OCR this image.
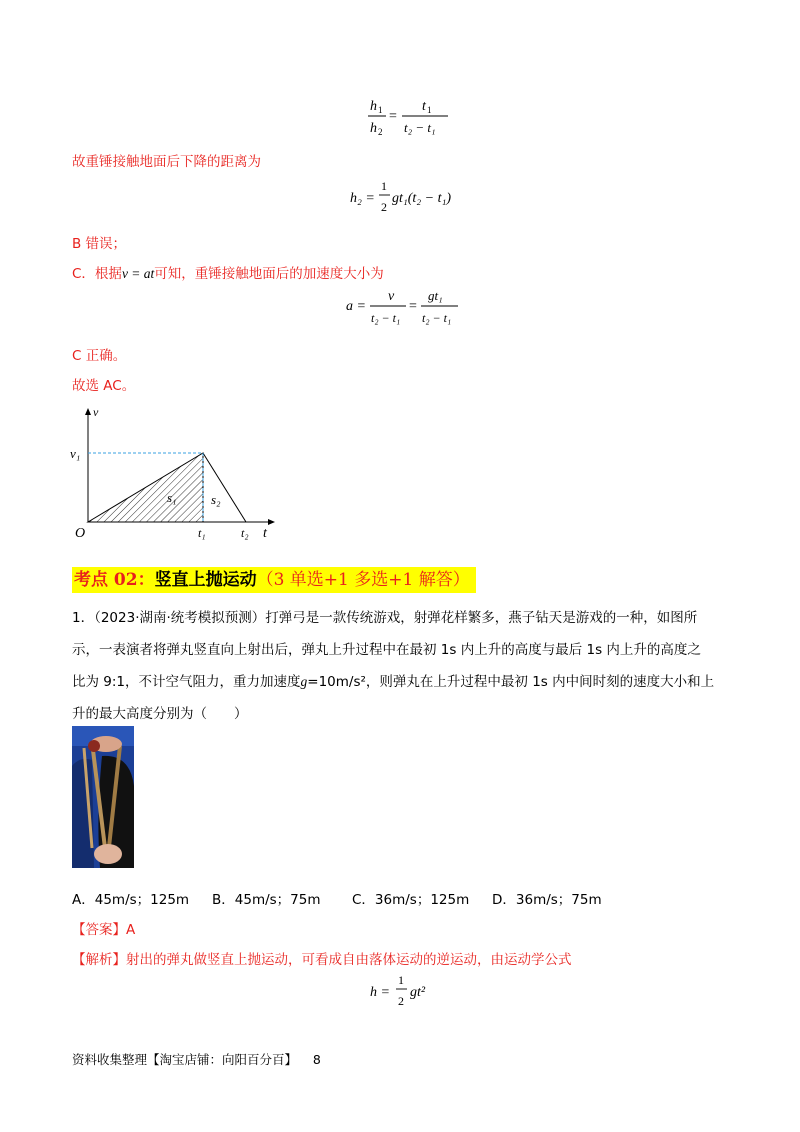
h 1
h 2
=
t 1
t₂ − t₁
故重锤接触地面后下降的距离为
h₂ =
1
2
gt₁(t₂ − t₁)
B 错误；
C．根据v = at可知，重锤接触地面后的加速度大小为
a =
v
t₂ − t₁
=
gt₁
t₂ − t₁
C 正确。
故选 AC。
v
v₁
O	t₁	t₂ t
s₁	s₂
考点 02：竖直上抛运动（3 单选+1 多选+1 解答）
1．（2023·湖南·统考模拟预测）打弹弓是一款传统游戏，射弹花样繁多，燕子钻天是游戏的一种，如图所
示，一表演者将弹丸竖直向上射出后，弹丸上升过程中在最初 1s 内上升的高度与最后 1s 内上升的高度之
比为 9:1，不计空气阻力，重力加速度g=10m/s²，则弹丸在上升过程中最初 1s 内中间时刻的速度大小和上
升的最大高度分别为（　　）
A．45m/s；125m B．45m/s；75m C．36m/s；125m D．36m/s；75m
【答案】A
【解析】射出的弹丸做竖直上抛运动，可看成自由落体运动的逆运动，由运动学公式
h =
1
2
gt²
资料收集整理【淘宝店铺：向阳百分百】 8
